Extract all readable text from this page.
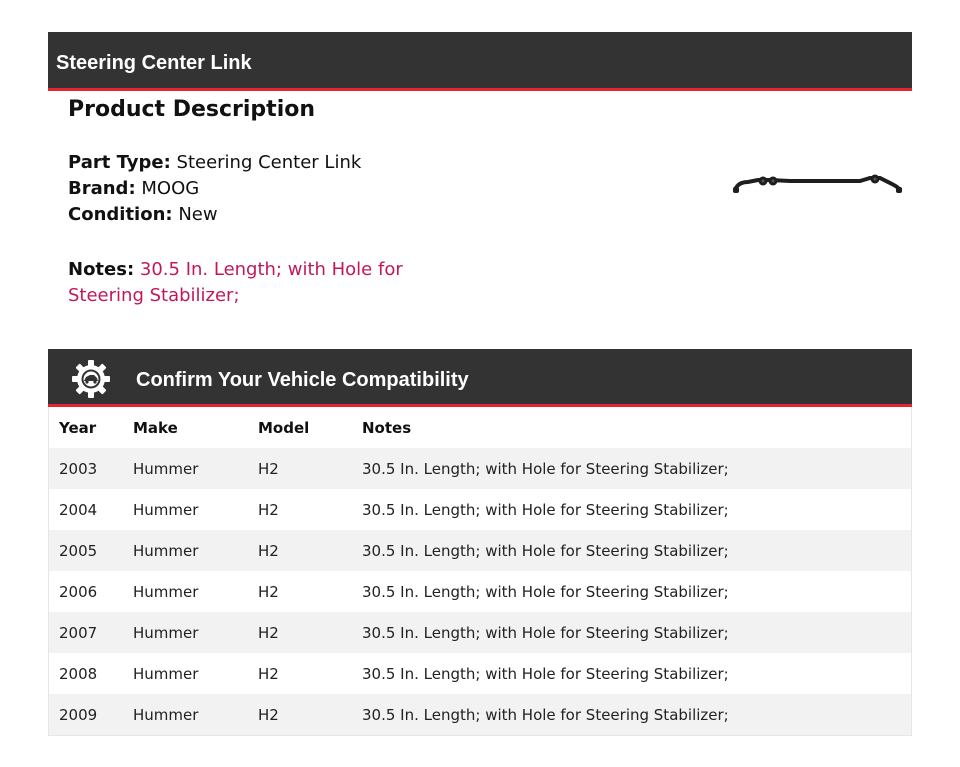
Steering Center Link
Product Description
Part Type: Steering Center Link
Brand: MOOG
Condition: New
Notes: 30.5 In. Length; with Hole for Steering Stabilizer;
Confirm Your Vehicle Compatibility
Year	Make	Model	Notes
2003	Hummer	H2	30.5 In. Length; with Hole for Steering Stabilizer;
2004	Hummer	H2	30.5 In. Length; with Hole for Steering Stabilizer;
2005	Hummer	H2	30.5 In. Length; with Hole for Steering Stabilizer;
2006	Hummer	H2	30.5 In. Length; with Hole for Steering Stabilizer;
2007	Hummer	H2	30.5 In. Length; with Hole for Steering Stabilizer;
2008	Hummer	H2	30.5 In. Length; with Hole for Steering Stabilizer;
2009	Hummer	H2	30.5 In. Length; with Hole for Steering Stabilizer;
